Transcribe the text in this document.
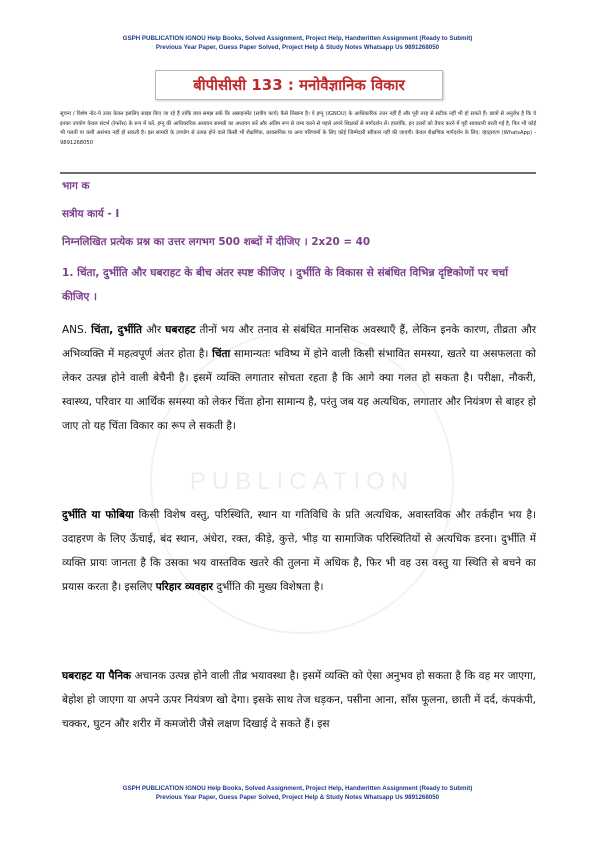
GSPH PUBLICATION IGNOU Help Books, Solved Assignment, Project Help, Handwritten Assignment (Ready to Submit)
Previous Year Paper, Guess Paper Solved, Project Help & Study Notes Whatsapp Us 9891268050
PUBLICATION
बीपीसीसी 133 : मनोवैज्ञानिक विकार
सूचना / विशेष नोट-ये उत्तर केवल इसलिए साझा किए जा रहे हैं ताकि छात्र समझ सकें कि असाइनमेंट (सत्रीय कार्य) कैसे लिखना है। ये इग्नू (IGNOU) के आधिकारिक उत्तर नहीं हैं और पूरी तरह से सटीक नहीं भी हो सकते हैं। छात्रों से अनुरोध है कि वे इनका उपयोग केवल संदर्भ (रेफरेंस) के रूप में करें, इग्नू की आधिकारिक अध्ययन सामग्री का अध्ययन करें और अंतिम रूप से जमा करने से पहले अपने शिक्षकों से मार्गदर्शन लें। हालांकि, इन उत्तरों को तैयार करने में पूरी सावधानी बरती गई है, फिर भी कोई भी गलती या कमी असंभव नहीं हो सकती है। इस सामग्री के उपयोग से उत्पन्न होने वाले किसी भी शैक्षणिक, प्रशासनिक या अन्य परिणामों के लिए कोई जिम्मेदारी स्वीकार नहीं की जाएगी। केवल शैक्षणिक मार्गदर्शन के लिए: व्हाट्सएप (WhatsApp) - 9891268050
भाग क
सत्रीय कार्य - I
निम्नलिखित प्रत्येक प्रश्न का उत्तर लगभग 500 शब्दों में दीजिए । 2x20 = 40
1. चिंता, दुर्भीति और घबराहट के बीच अंतर स्पष्ट कीजिए । दुर्भीति के विकास से संबंधित विभिन्न दृष्टिकोणों पर चर्चा कीजिए ।
ANS. चिंता, दुर्भीति और घबराहट तीनों भय और तनाव से संबंधित मानसिक अवस्थाएँ हैं, लेकिन इनके कारण, तीव्रता और अभिव्यक्ति में महत्वपूर्ण अंतर होता है। चिंता सामान्यतः भविष्य में होने वाली किसी संभावित समस्या, खतरे या असफलता को लेकर उत्पन्न होने वाली बेचैनी है। इसमें व्यक्ति लगातार सोचता रहता है कि आगे क्या गलत हो सकता है। परीक्षा, नौकरी, स्वास्थ्य, परिवार या आर्थिक समस्या को लेकर चिंता होना सामान्य है, परंतु जब यह अत्यधिक, लगातार और नियंत्रण से बाहर हो जाए तो यह चिंता विकार का रूप ले सकती है।
दुर्भीति या फोबिया किसी विशेष वस्तु, परिस्थिति, स्थान या गतिविधि के प्रति अत्यधिक, अवास्तविक और तर्कहीन भय है। उदाहरण के लिए ऊँचाई, बंद स्थान, अंधेरा, रक्त, कीड़े, कुत्ते, भीड़ या सामाजिक परिस्थितियों से अत्यधिक डरना। दुर्भीति में व्यक्ति प्रायः जानता है कि उसका भय वास्तविक खतरे की तुलना में अधिक है, फिर भी वह उस वस्तु या स्थिति से बचने का प्रयास करता है। इसलिए परिहार व्यवहार दुर्भीति की मुख्य विशेषता है।
घबराहट या पैनिक अचानक उत्पन्न होने वाली तीव्र भयावस्था है। इसमें व्यक्ति को ऐसा अनुभव हो सकता है कि वह मर जाएगा, बेहोश हो जाएगा या अपने ऊपर नियंत्रण खो देगा। इसके साथ तेज धड़कन, पसीना आना, साँस फूलना, छाती में दर्द, कंपकंपी, चक्कर, घुटन और शरीर में कमजोरी जैसे लक्षण दिखाई दे सकते हैं। इस
GSPH PUBLICATION IGNOU Help Books, Solved Assignment, Project Help, Handwritten Assignment (Ready to Submit)
Previous Year Paper, Guess Paper Solved, Project Help & Study Notes Whatsapp Us 9891268050
